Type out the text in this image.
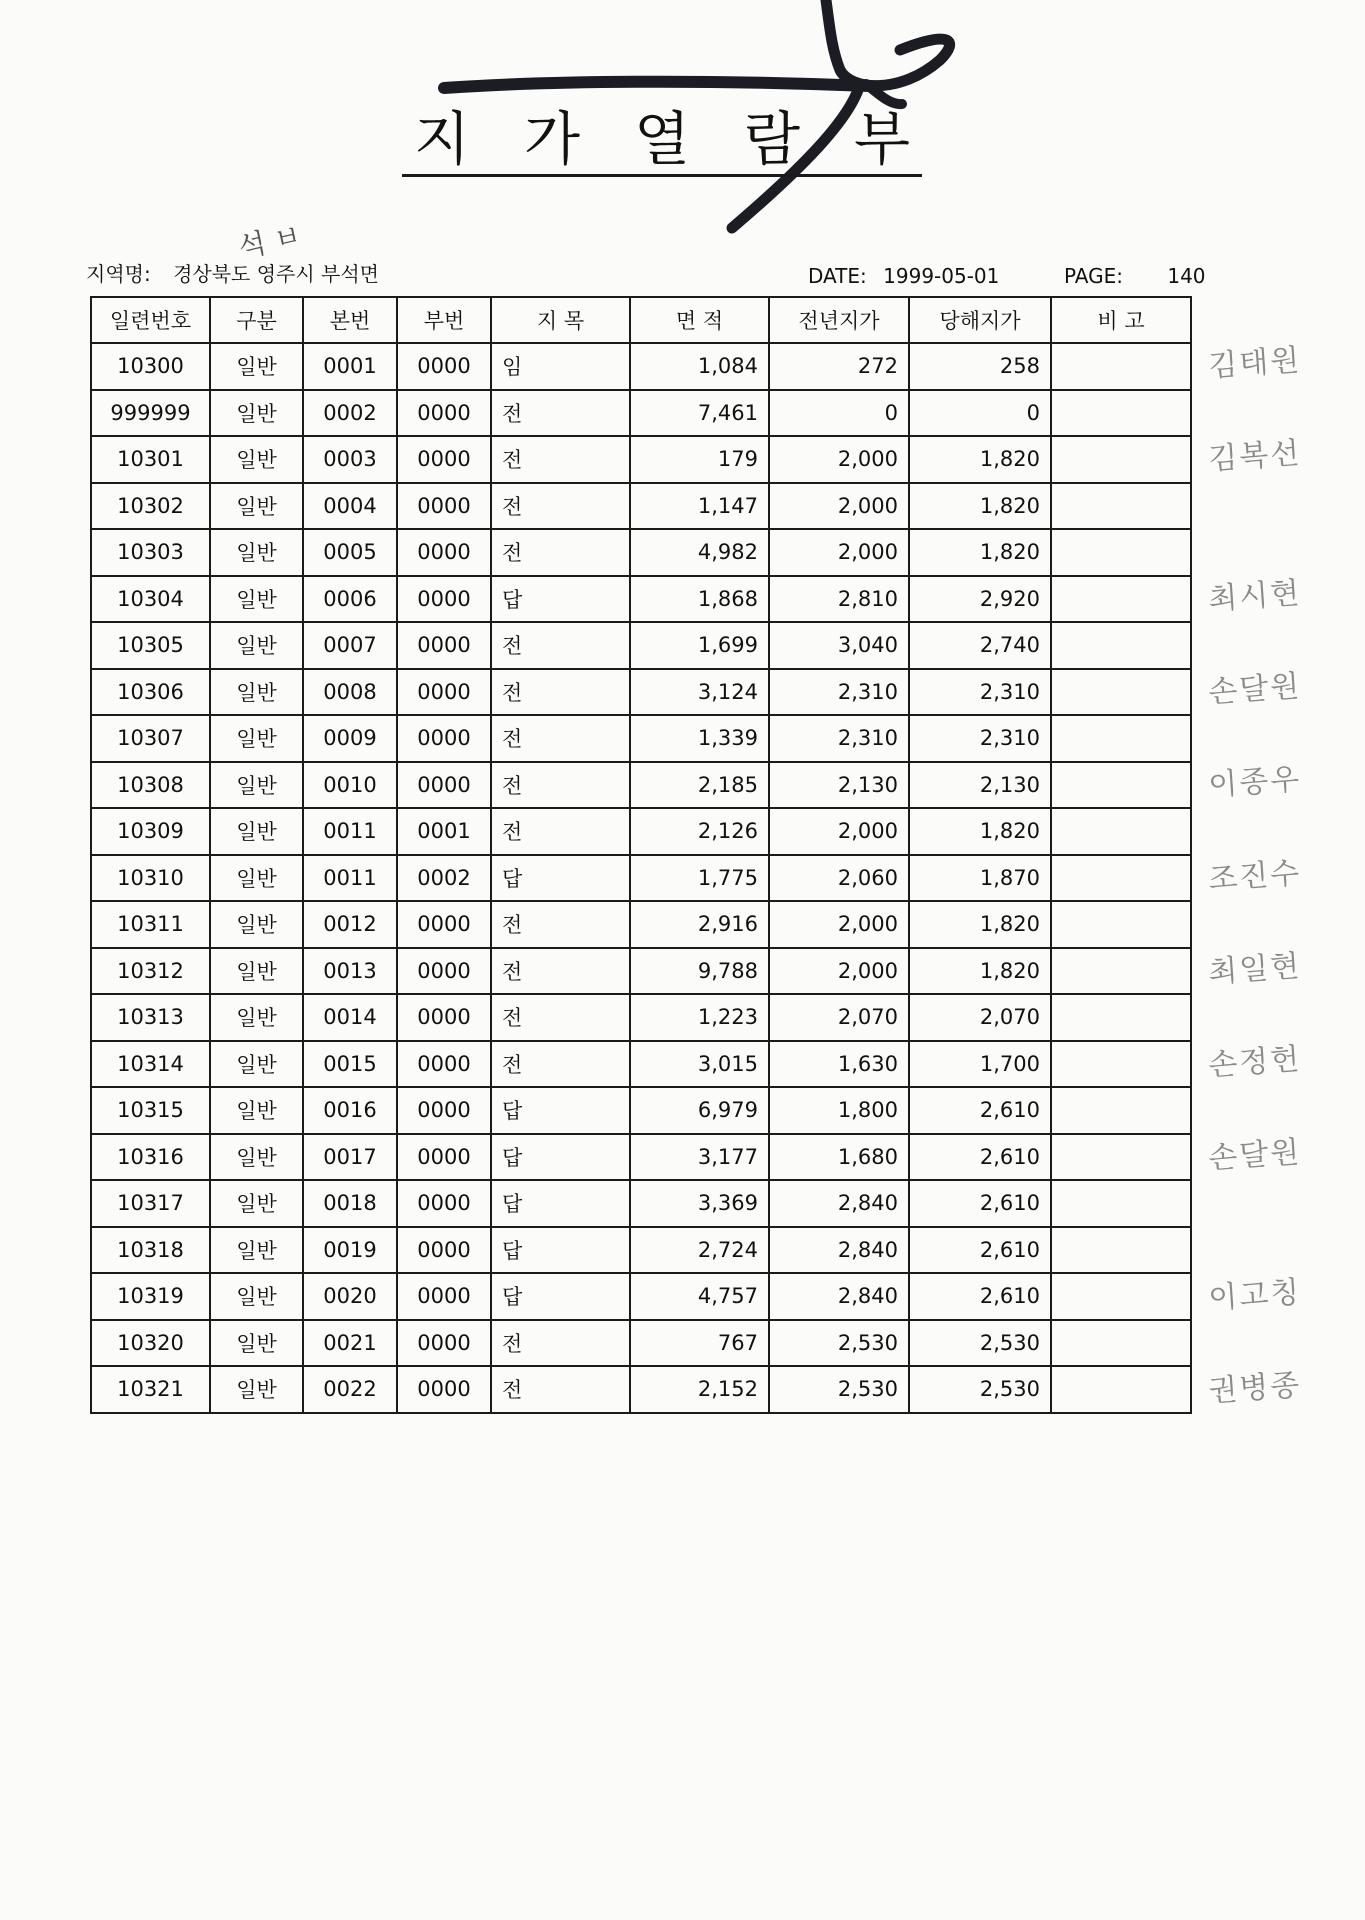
지 가 열 람 부
석 ㅂ
지역명: 경상북도 영주시 부석면	DATE: 1999-05-01	PAGE: 140
일련번호	구분	본번	부번	지 목	면 적	전년지가	당해지가	비 고
10300	일반	0001	0000	임	1,084	272	258	
999999	일반	0002	0000	전	7,461	0	0	
10301	일반	0003	0000	전	179	2,000	1,820	
10302	일반	0004	0000	전	1,147	2,000	1,820	
10303	일반	0005	0000	전	4,982	2,000	1,820	
10304	일반	0006	0000	답	1,868	2,810	2,920	
10305	일반	0007	0000	전	1,699	3,040	2,740	
10306	일반	0008	0000	전	3,124	2,310	2,310	
10307	일반	0009	0000	전	1,339	2,310	2,310	
10308	일반	0010	0000	전	2,185	2,130	2,130	
10309	일반	0011	0001	전	2,126	2,000	1,820	
10310	일반	0011	0002	답	1,775	2,060	1,870	
10311	일반	0012	0000	전	2,916	2,000	1,820	
10312	일반	0013	0000	전	9,788	2,000	1,820	
10313	일반	0014	0000	전	1,223	2,070	2,070	
10314	일반	0015	0000	전	3,015	1,630	1,700	
10315	일반	0016	0000	답	6,979	1,800	2,610	
10316	일반	0017	0000	답	3,177	1,680	2,610	
10317	일반	0018	0000	답	3,369	2,840	2,610	
10318	일반	0019	0000	답	2,724	2,840	2,610	
10319	일반	0020	0000	답	4,757	2,840	2,610	
10320	일반	0021	0000	전	767	2,530	2,530	
10321	일반	0022	0000	전	2,152	2,530	2,530	
김태원
김복선
최시현
손달원
이종우
조진수
최일현
손정헌
손달원
이고칭
권병종
